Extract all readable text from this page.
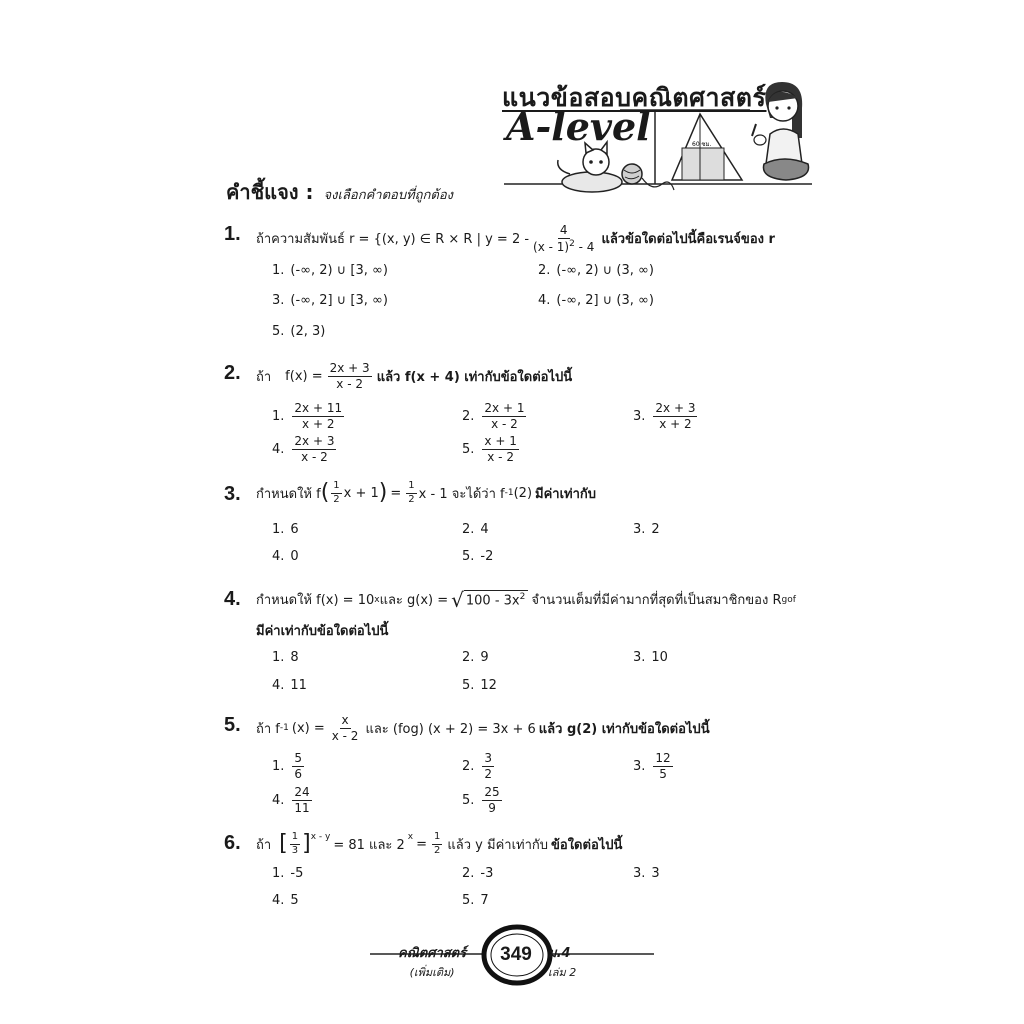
60 ซม.
แนวข้อสอบคณิตศาสตร์
A-level
คำชี้แจง : จงเลือกคำตอบที่ถูกต้อง
1. ถ้าความสัมพันธ์ r = {(x, y) ∈ R × R | $y = 2 - \frac{4}{(x - 1)^2 - 4}$ แล้วข้อใดต่อไปนี้คือเรนจ์ของ r
1. (-∞, 2) ∪ [3, ∞)	2. (-∞, 2) ∪ (3, ∞)
3. (-∞, 2] ∪ [3, ∞)	4. (-∞, 2] ∪ (3, ∞)
5. (2, 3)
2. ถ้า $f(x) = \frac{2x + 3}{x - 2}$ แล้ว f(x + 4) เท่ากับข้อใดต่อไปนี้
1. $\frac{2x + 11}{x + 2}$	2. $\frac{2x + 1}{x - 2}$	3. $\frac{2x + 3}{x + 2}$
4. $\frac{2x + 3}{x - 2}$	5. $\frac{x + 1}{x - 2}$
3. กำหนดให้ f ( $\frac{1}{2}$ x + 1 ) = $\frac{1}{2}$ x - 1 จะได้ว่า f -1 (2) มีค่าเท่ากับ
1. 6	2. 4	3. 2
4. 0	5. -2
4. กำหนดให้ f(x) = 10 x และ g(x) = √ $100 - 3x^2$ จำนวนเต็มที่มีค่ามากที่สุดที่เป็นสมาชิกของ R gof
มีค่าเท่ากับข้อใดต่อไปนี้
1. 8	2. 9	3. 10
4. 11	5. 12
5. ถ้า f -1 $(x) = \frac{x}{x - 2}$ และ (fog) (x + 2) = 3x + 6 แล้ว g(2) เท่ากับข้อใดต่อไปนี้
1. $\frac{5}{6}$	2. $\frac{3}{2}$	3. $\frac{12}{5}$
4. $\frac{24}{11}$	5. $\frac{25}{9}$
6. ถ้า [ $\frac{1}{3} ]^{x - y}$
= 81 และ 2
$^x = \frac{1}{2}$ แล้ว y มีค่าเท่ากับ ข้อใดต่อไปนี้
1. -5	2. -3	3. 3
4. 5	5. 7
คณิตศาสตร์
(เพิ่มเติม)
349	ม.4
เล่ม 2
